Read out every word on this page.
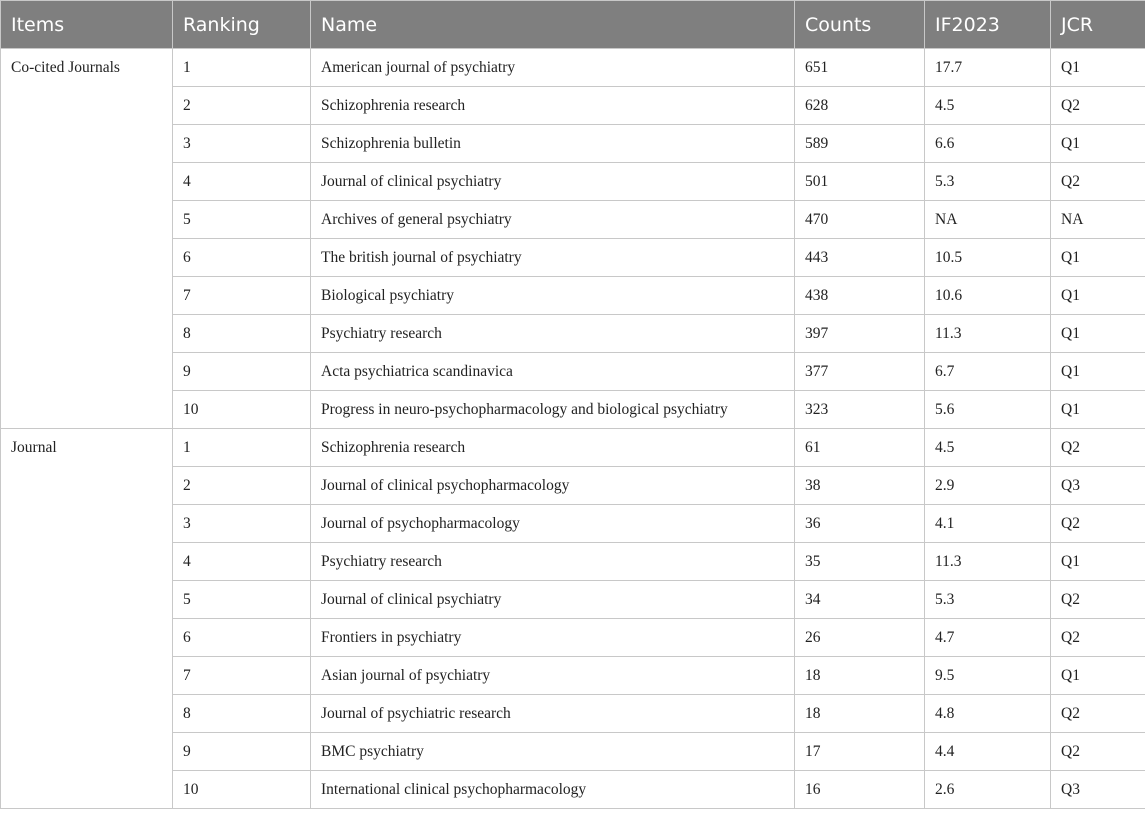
Items	Ranking	Name	Counts	IF2023	JCR
Co-cited Journals	1	American journal of psychiatry	651	17.7	Q1
	2	Schizophrenia research	628	4.5	Q2
	3	Schizophrenia bulletin	589	6.6	Q1
	4	Journal of clinical psychiatry	501	5.3	Q2
	5	Archives of general psychiatry	470	NA	NA
	6	The british journal of psychiatry	443	10.5	Q1
	7	Biological psychiatry	438	10.6	Q1
	8	Psychiatry research	397	11.3	Q1
	9	Acta psychiatrica scandinavica	377	6.7	Q1
	10	Progress in neuro-psychopharmacology and biological psychiatry	323	5.6	Q1
Journal	1	Schizophrenia research	61	4.5	Q2
	2	Journal of clinical psychopharmacology	38	2.9	Q3
	3	Journal of psychopharmacology	36	4.1	Q2
	4	Psychiatry research	35	11.3	Q1
	5	Journal of clinical psychiatry	34	5.3	Q2
	6	Frontiers in psychiatry	26	4.7	Q2
	7	Asian journal of psychiatry	18	9.5	Q1
	8	Journal of psychiatric research	18	4.8	Q2
	9	BMC psychiatry	17	4.4	Q2
	10	International clinical psychopharmacology	16	2.6	Q3
